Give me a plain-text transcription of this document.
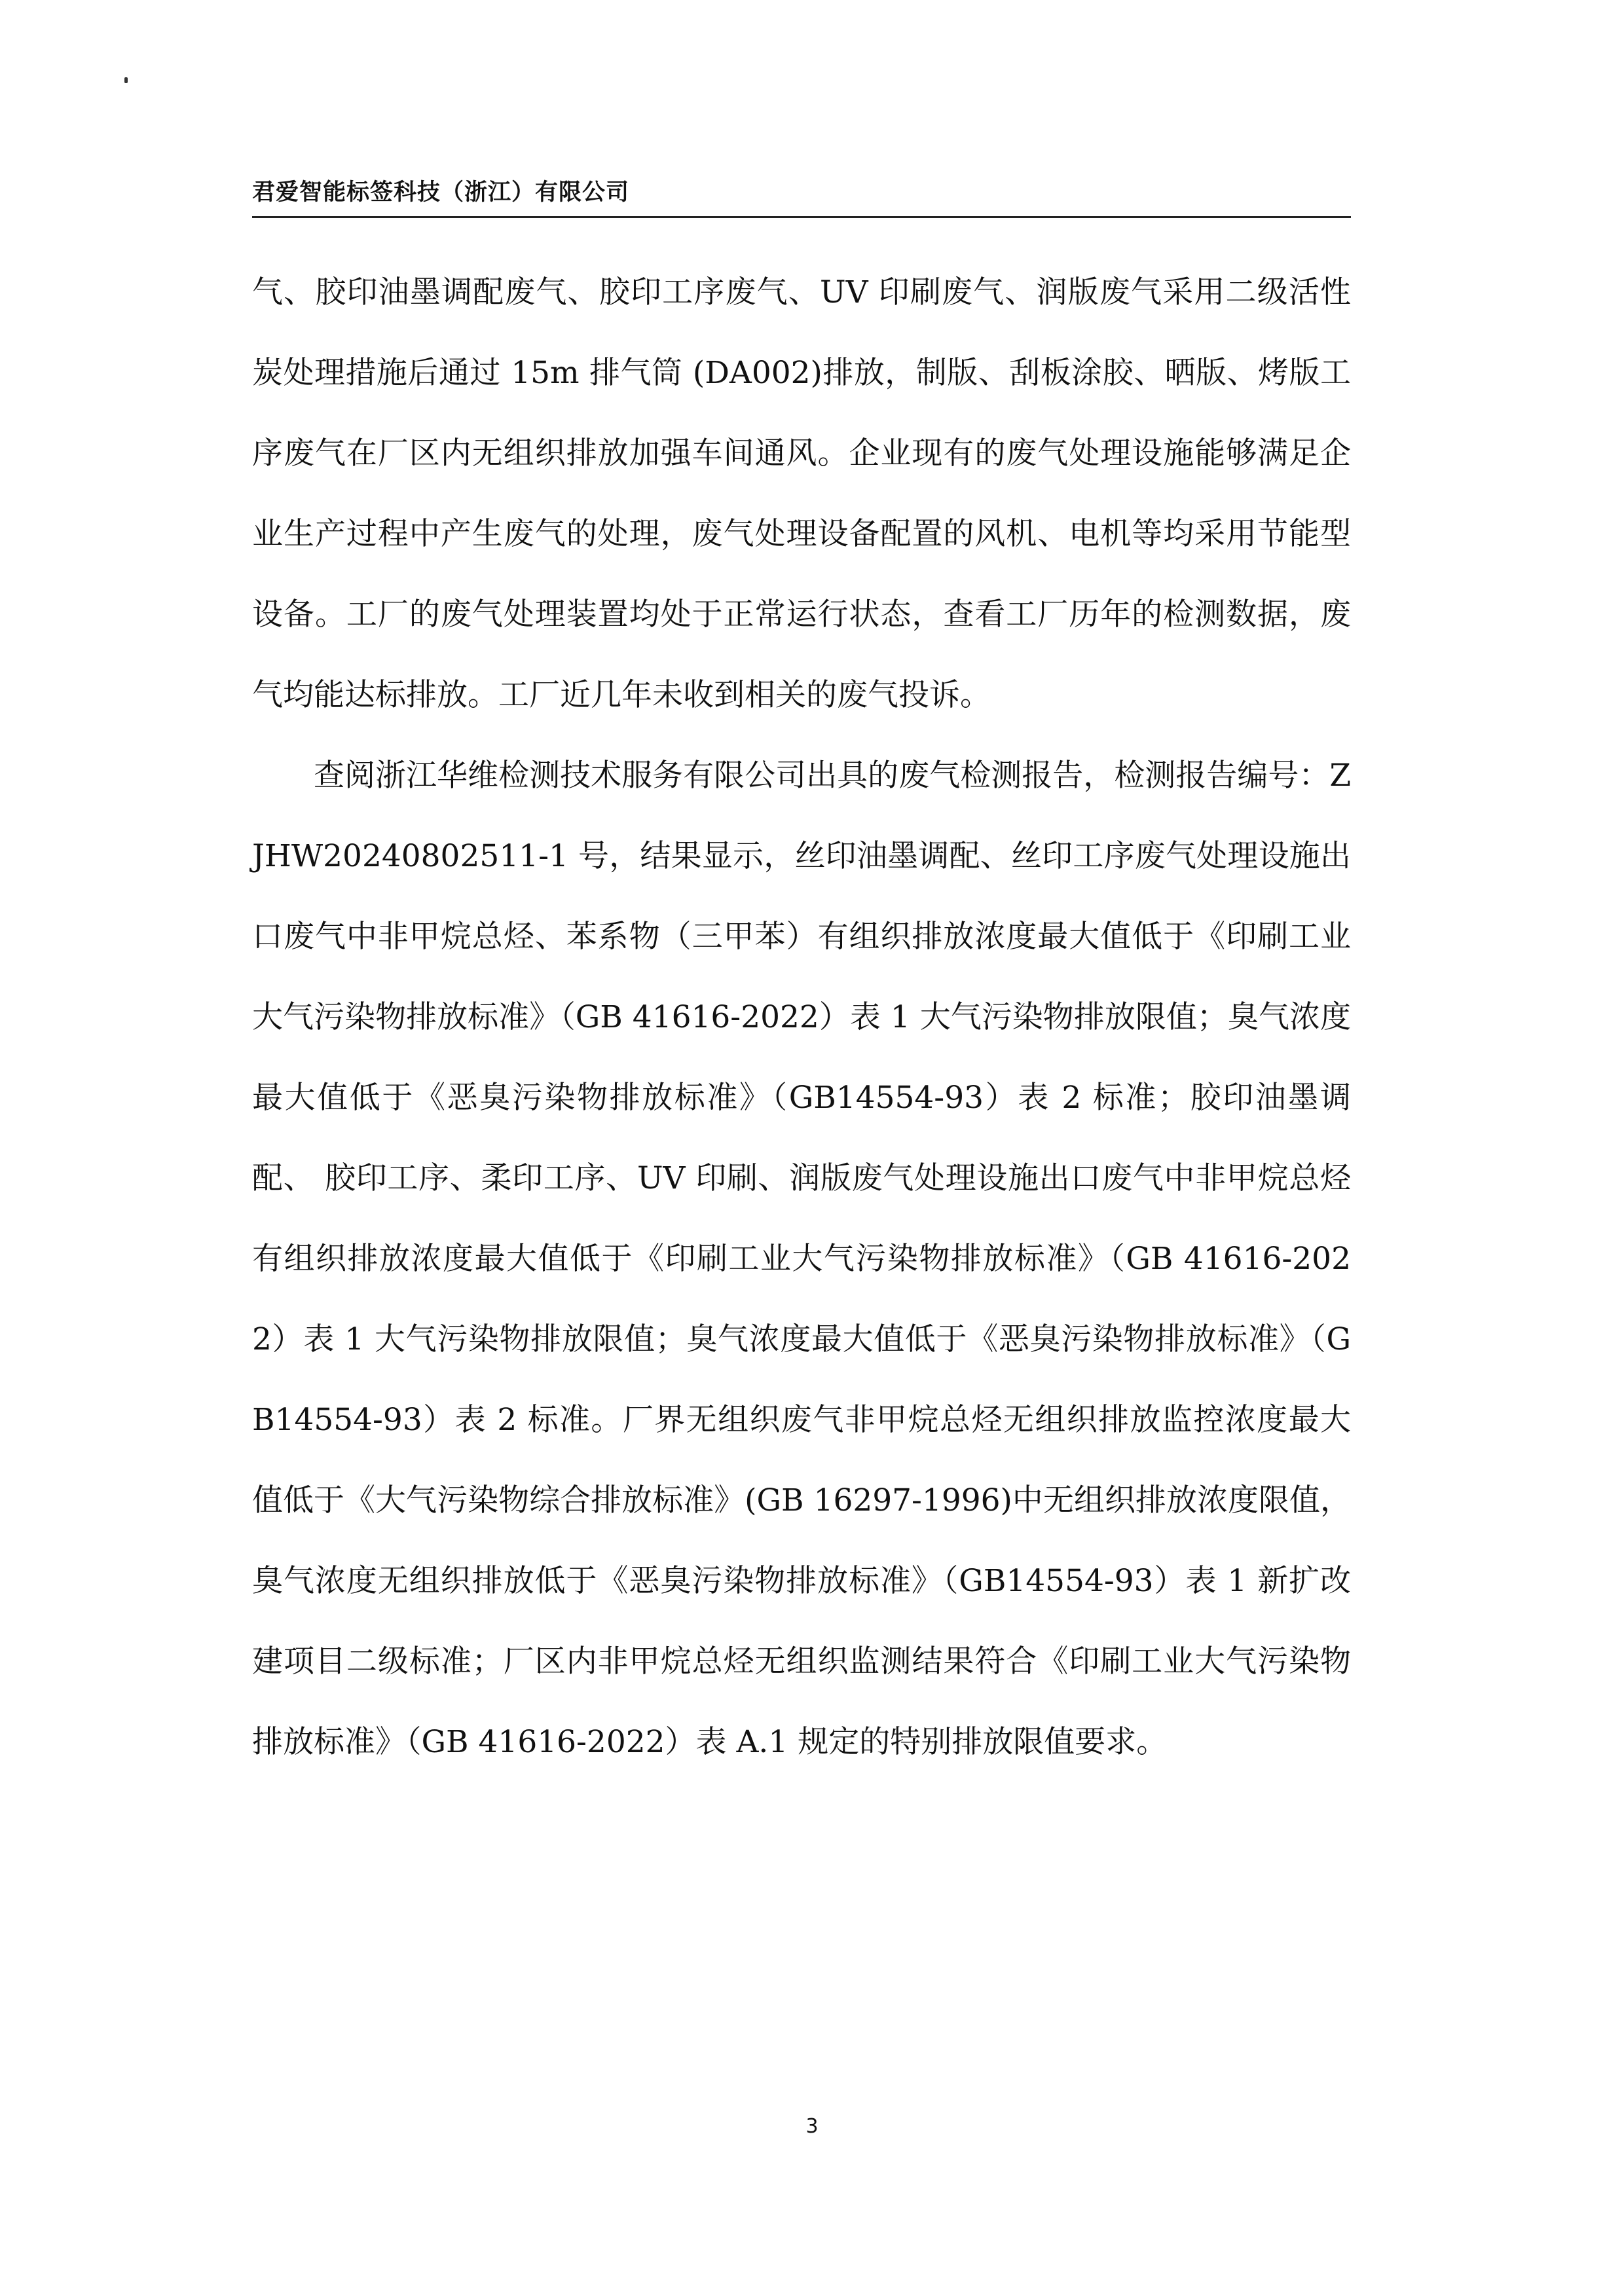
君爱智能标签科技（浙江）有限公司

气、胶印油墨调配废气、胶印工序废气、UV 印刷废气、润版废气采用二级活性炭处理措施后通过 15m 排气筒 (DA002)排放，制版、刮板涂胶、晒版、烤版工序废气在厂区内无组织排放加强车间通风。企业现有的废气处理设施能够满足企业生产过程中产生废气的处理，废气处理设备配置的风机、电机等均采用节能型设备。工厂的废气处理装置均处于正常运行状态，查看工厂历年的检测数据，废气均能达标排放。工厂近几年未收到相关的废气投诉。

查阅浙江华维检测技术服务有限公司出具的废气检测报告，检测报告编号：ZJHW20240802511-1 号，结果显示，丝印油墨调配、丝印工序废气处理设施出口废气中非甲烷总烃、苯系物（三甲苯）有组织排放浓度最大值低于《印刷工业大气污染物排放标准》（GB 41616-2022）表 1 大气污染物排放限值；臭气浓度最大值低于《恶臭污染物排放标准》（GB14554-93）表 2 标准；胶印油墨调配、 胶印工序、柔印工序、UV 印刷、润版废气处理设施出口废气中非甲烷总烃有组织排放浓度最大值低于《印刷工业大气污染物排放标准》（GB 41616-2022）表 1 大气污染物排放限值；臭气浓度最大值低于《恶臭污染物排放标准》（GB14554-93）表 2 标准。厂界无组织废气非甲烷总烃无组织排放监控浓度最大值低于《大气污染物综合排放标准》(GB 16297-1996)中无组织排放浓度限值，臭气浓度无组织排放低于《恶臭污染物排放标准》（GB14554-93）表 1 新扩改建项目二级标准；厂区内非甲烷总烃无组织监测结果符合《印刷工业大气污染物排放标准》（GB 41616-2022）表 A.1 规定的特别排放限值要求。

3
